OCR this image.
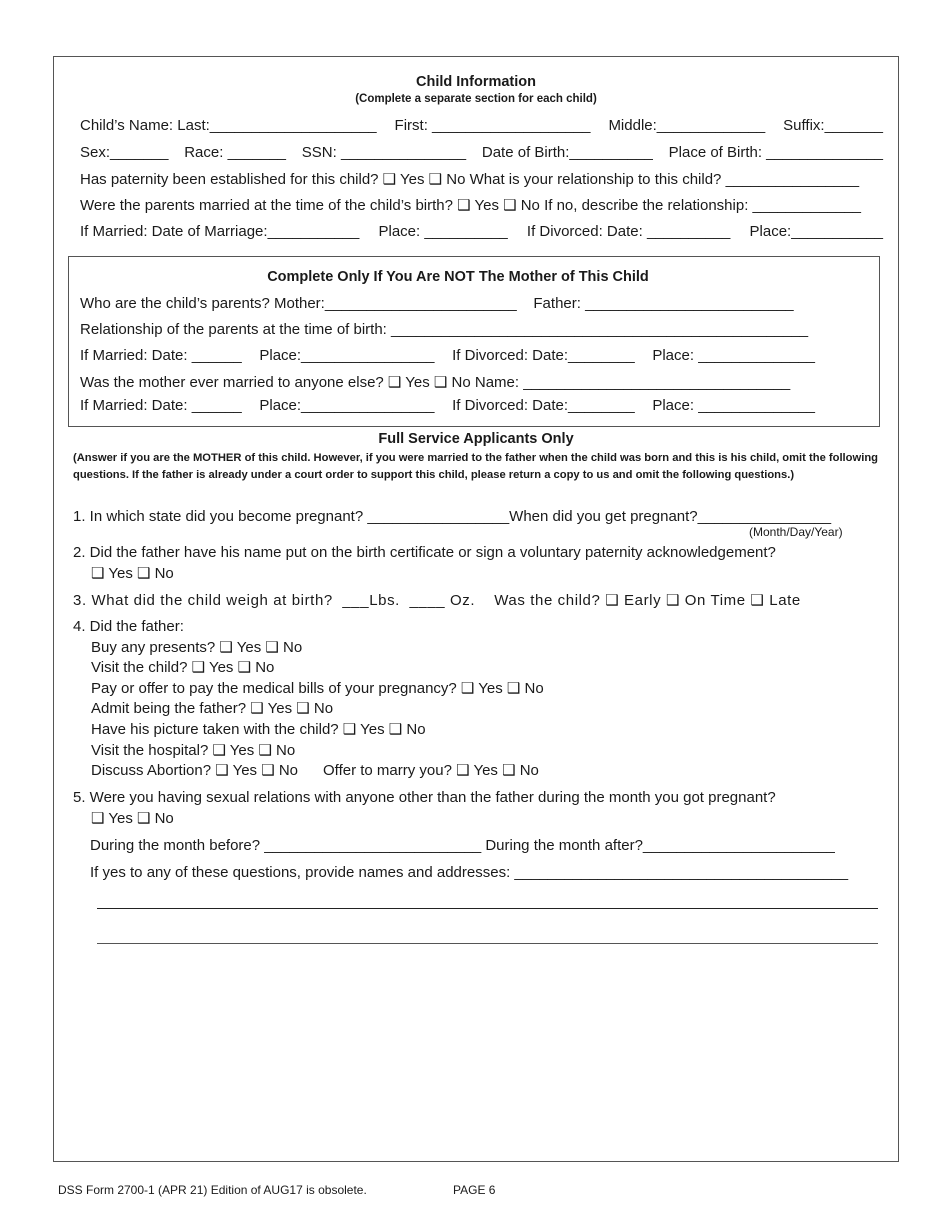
Child Information
(Complete a separate section for each child)
Child’s Name: Last:____________________ First: ___________________ Middle:_____________ Suffix:_______
Sex:_______ Race: _______ SSN: _______________ Date of Birth:__________ Place of Birth: ______________
Has paternity been established for this child? ❑ Yes ❑ No What is your relationship to this child? ________________
Were the parents married at the time of the child’s birth? ❑ Yes ❑ No If no, describe the relationship: _____________
If Married: Date of Marriage:___________ Place: __________ If Divorced: Date: __________ Place:___________
Complete Only If You Are NOT The Mother of This Child
Who are the child’s parents? Mother:_______________________    Father: _________________________
Relationship of the parents at the time of birth: __________________________________________________
If Married: Date: ______ Place:________________ If Divorced: Date:________ Place: ______________
Was the mother ever married to anyone else? ❑ Yes ❑ No Name: ________________________________
If Married: Date: ______ Place:________________ If Divorced: Date:________ Place: ______________
Full Service Applicants Only
(Answer if you are the MOTHER of this child. However, if you were married to the father when the child was born and this is his child, omit the following questions. If the father is already under a court order to support this child, please return a copy to us and omit the following questions.)
1. In which state did you become pregnant? _________________When did you get pregnant?________________
(Month/Day/Year)
2. Did the father have his name put on the birth certificate or sign a voluntary paternity acknowledgement?
❑ Yes ❑ No
3. What did the child weigh at birth?  ___Lbs.  ____ Oz.    Was the child? ❑ Early ❑ On Time ❑ Late
4. Did the father:
Buy any presents? ❑ Yes ❑ No
Visit the child? ❑ Yes ❑ No
Pay or offer to pay the medical bills of your pregnancy? ❑ Yes ❑ No
Admit being the father? ❑ Yes ❑ No
Have his picture taken with the child? ❑ Yes ❑ No
Visit the hospital? ❑ Yes ❑ No
Discuss Abortion? ❑ Yes ❑ No      Offer to marry you? ❑ Yes ❑ No
5. Were you having sexual relations with anyone other than the father during the month you got pregnant?
❑ Yes ❑ No
During the month before? __________________________ During the month after?_______________________
If yes to any of these questions, provide names and addresses: ________________________________________
DSS Form 2700-1 (APR 21) Edition of AUG17 is obsolete.	PAGE 6
